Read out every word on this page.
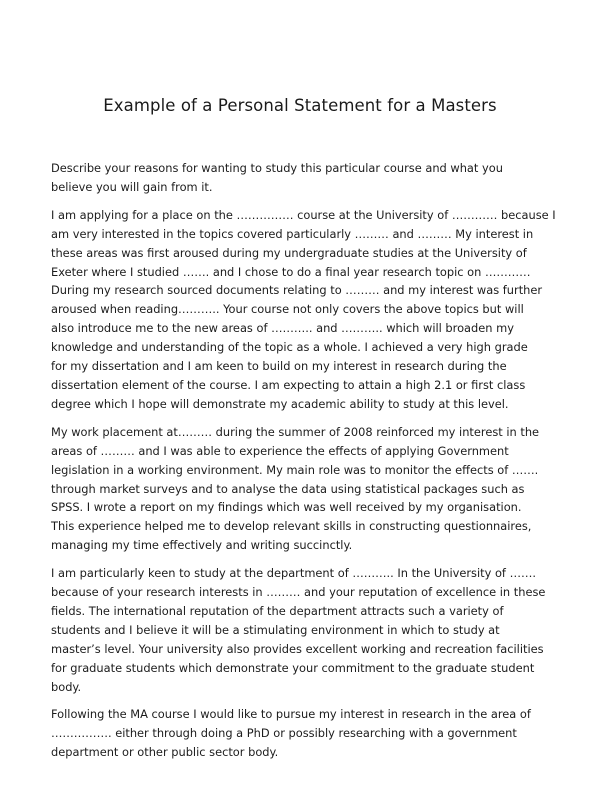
Example of a Personal Statement for a Masters

Describe your reasons for wanting to study this particular course and what you
believe you will gain from it.

I am applying for a place on the …………… course at the University of ………… because I
am very interested in the topics covered particularly ……… and ……… My interest in
these areas was first aroused during my undergraduate studies at the University of
Exeter where I studied ……. and I chose to do a final year research topic on …………
During my research sourced documents relating to ……… and my interest was further
aroused when reading……….. Your course not only covers the above topics but will
also introduce me to the new areas of ……….. and ……….. which will broaden my
knowledge and understanding of the topic as a whole. I achieved a very high grade
for my dissertation and I am keen to build on my interest in research during the
dissertation element of the course. I am expecting to attain a high 2.1 or first class
degree which I hope will demonstrate my academic ability to study at this level.

My work placement at……… during the summer of 2008 reinforced my interest in the
areas of ……… and I was able to experience the effects of applying Government
legislation in a working environment. My main role was to monitor the effects of …….
through market surveys and to analyse the data using statistical packages such as
SPSS. I wrote a report on my findings which was well received by my organisation.
This experience helped me to develop relevant skills in constructing questionnaires,
managing my time effectively and writing succinctly.

I am particularly keen to study at the department of ……….. In the University of …….
because of your research interests in ……… and your reputation of excellence in these
fields. The international reputation of the department attracts such a variety of
students and I believe it will be a stimulating environment in which to study at
master’s level. Your university also provides excellent working and recreation facilities
for graduate students which demonstrate your commitment to the graduate student
body.

Following the MA course I would like to pursue my interest in research in the area of
……………. either through doing a PhD or possibly researching with a government
department or other public sector body.
